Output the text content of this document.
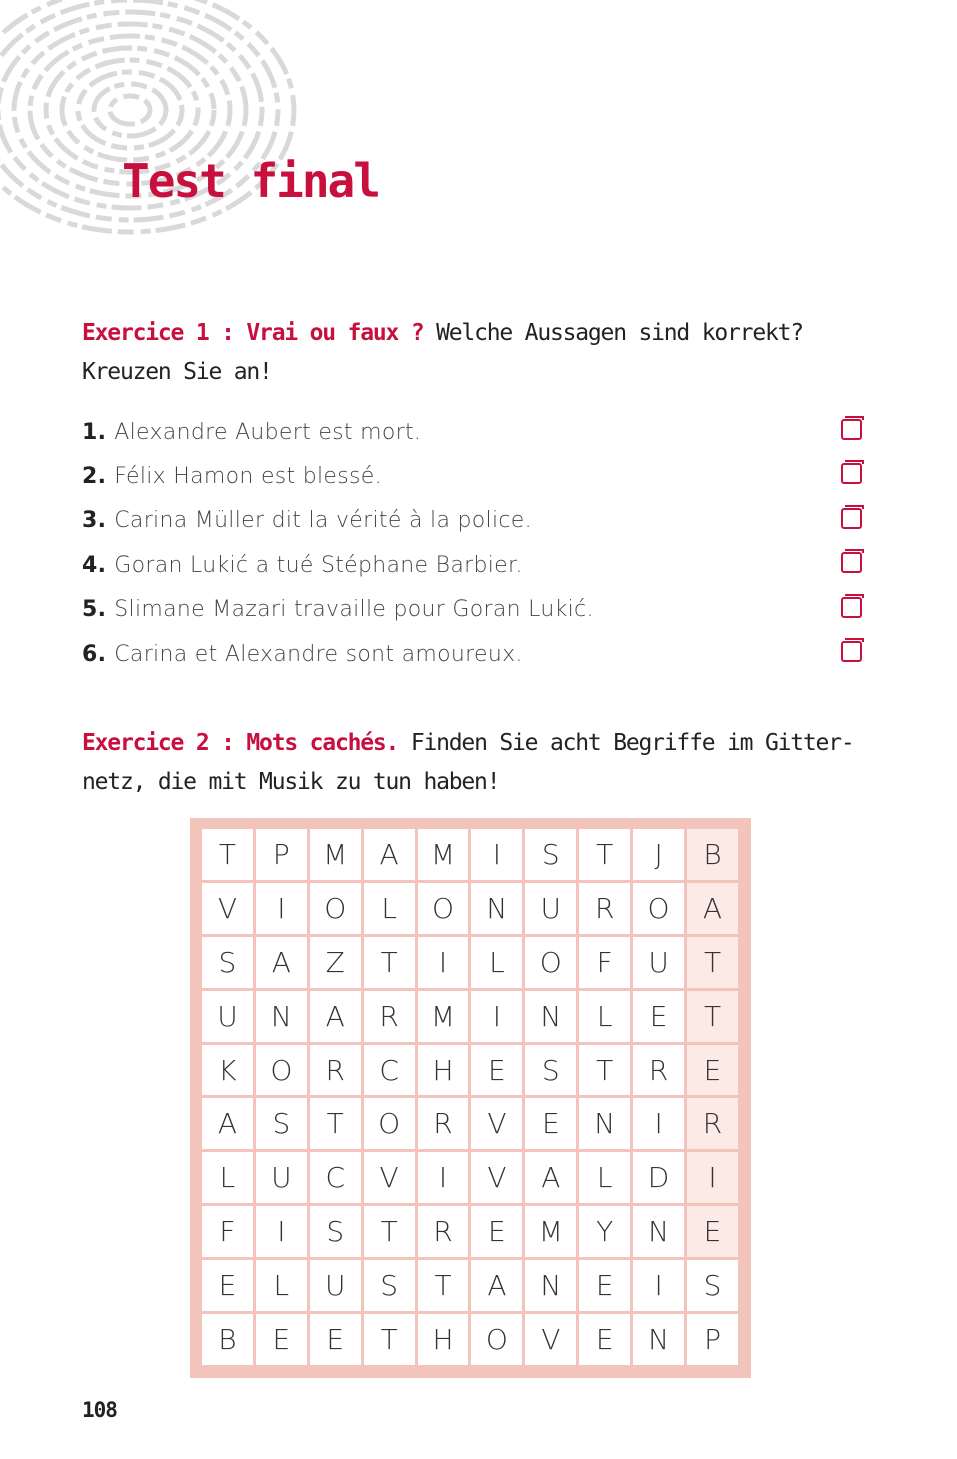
Test final

Exercice 1 : Vrai ou faux ? Welche Aussagen sind korrekt? Kreuzen Sie an!

1. Alexandre Aubert est mort.
2. Félix Hamon est blessé.
3. Carina Müller dit la vérité à la police.
4. Goran Lukić a tué Stéphane Barbier.
5. Slimane Mazari travaille pour Goran Lukić.
6. Carina et Alexandre sont amoureux.

Exercice 2 : Mots cachés. Finden Sie acht Begriffe im Gitter-netz, die mit Musik zu tun haben!

T	P	M	A	M	I	S	T	J	B
V	I	O	L	O	N	U	R	O	A
S	A	Z	T	I	L	O	F	U	T
U	N	A	R	M	I	N	L	E	T
K	O	R	C	H	E	S	T	R	E
A	S	T	O	R	V	E	N	I	R
L	U	C	V	I	V	A	L	D	I
F	I	S	T	R	E	M	Y	N	E
E	L	U	S	T	A	N	E	I	S
B	E	E	T	H	O	V	E	N	P
108
